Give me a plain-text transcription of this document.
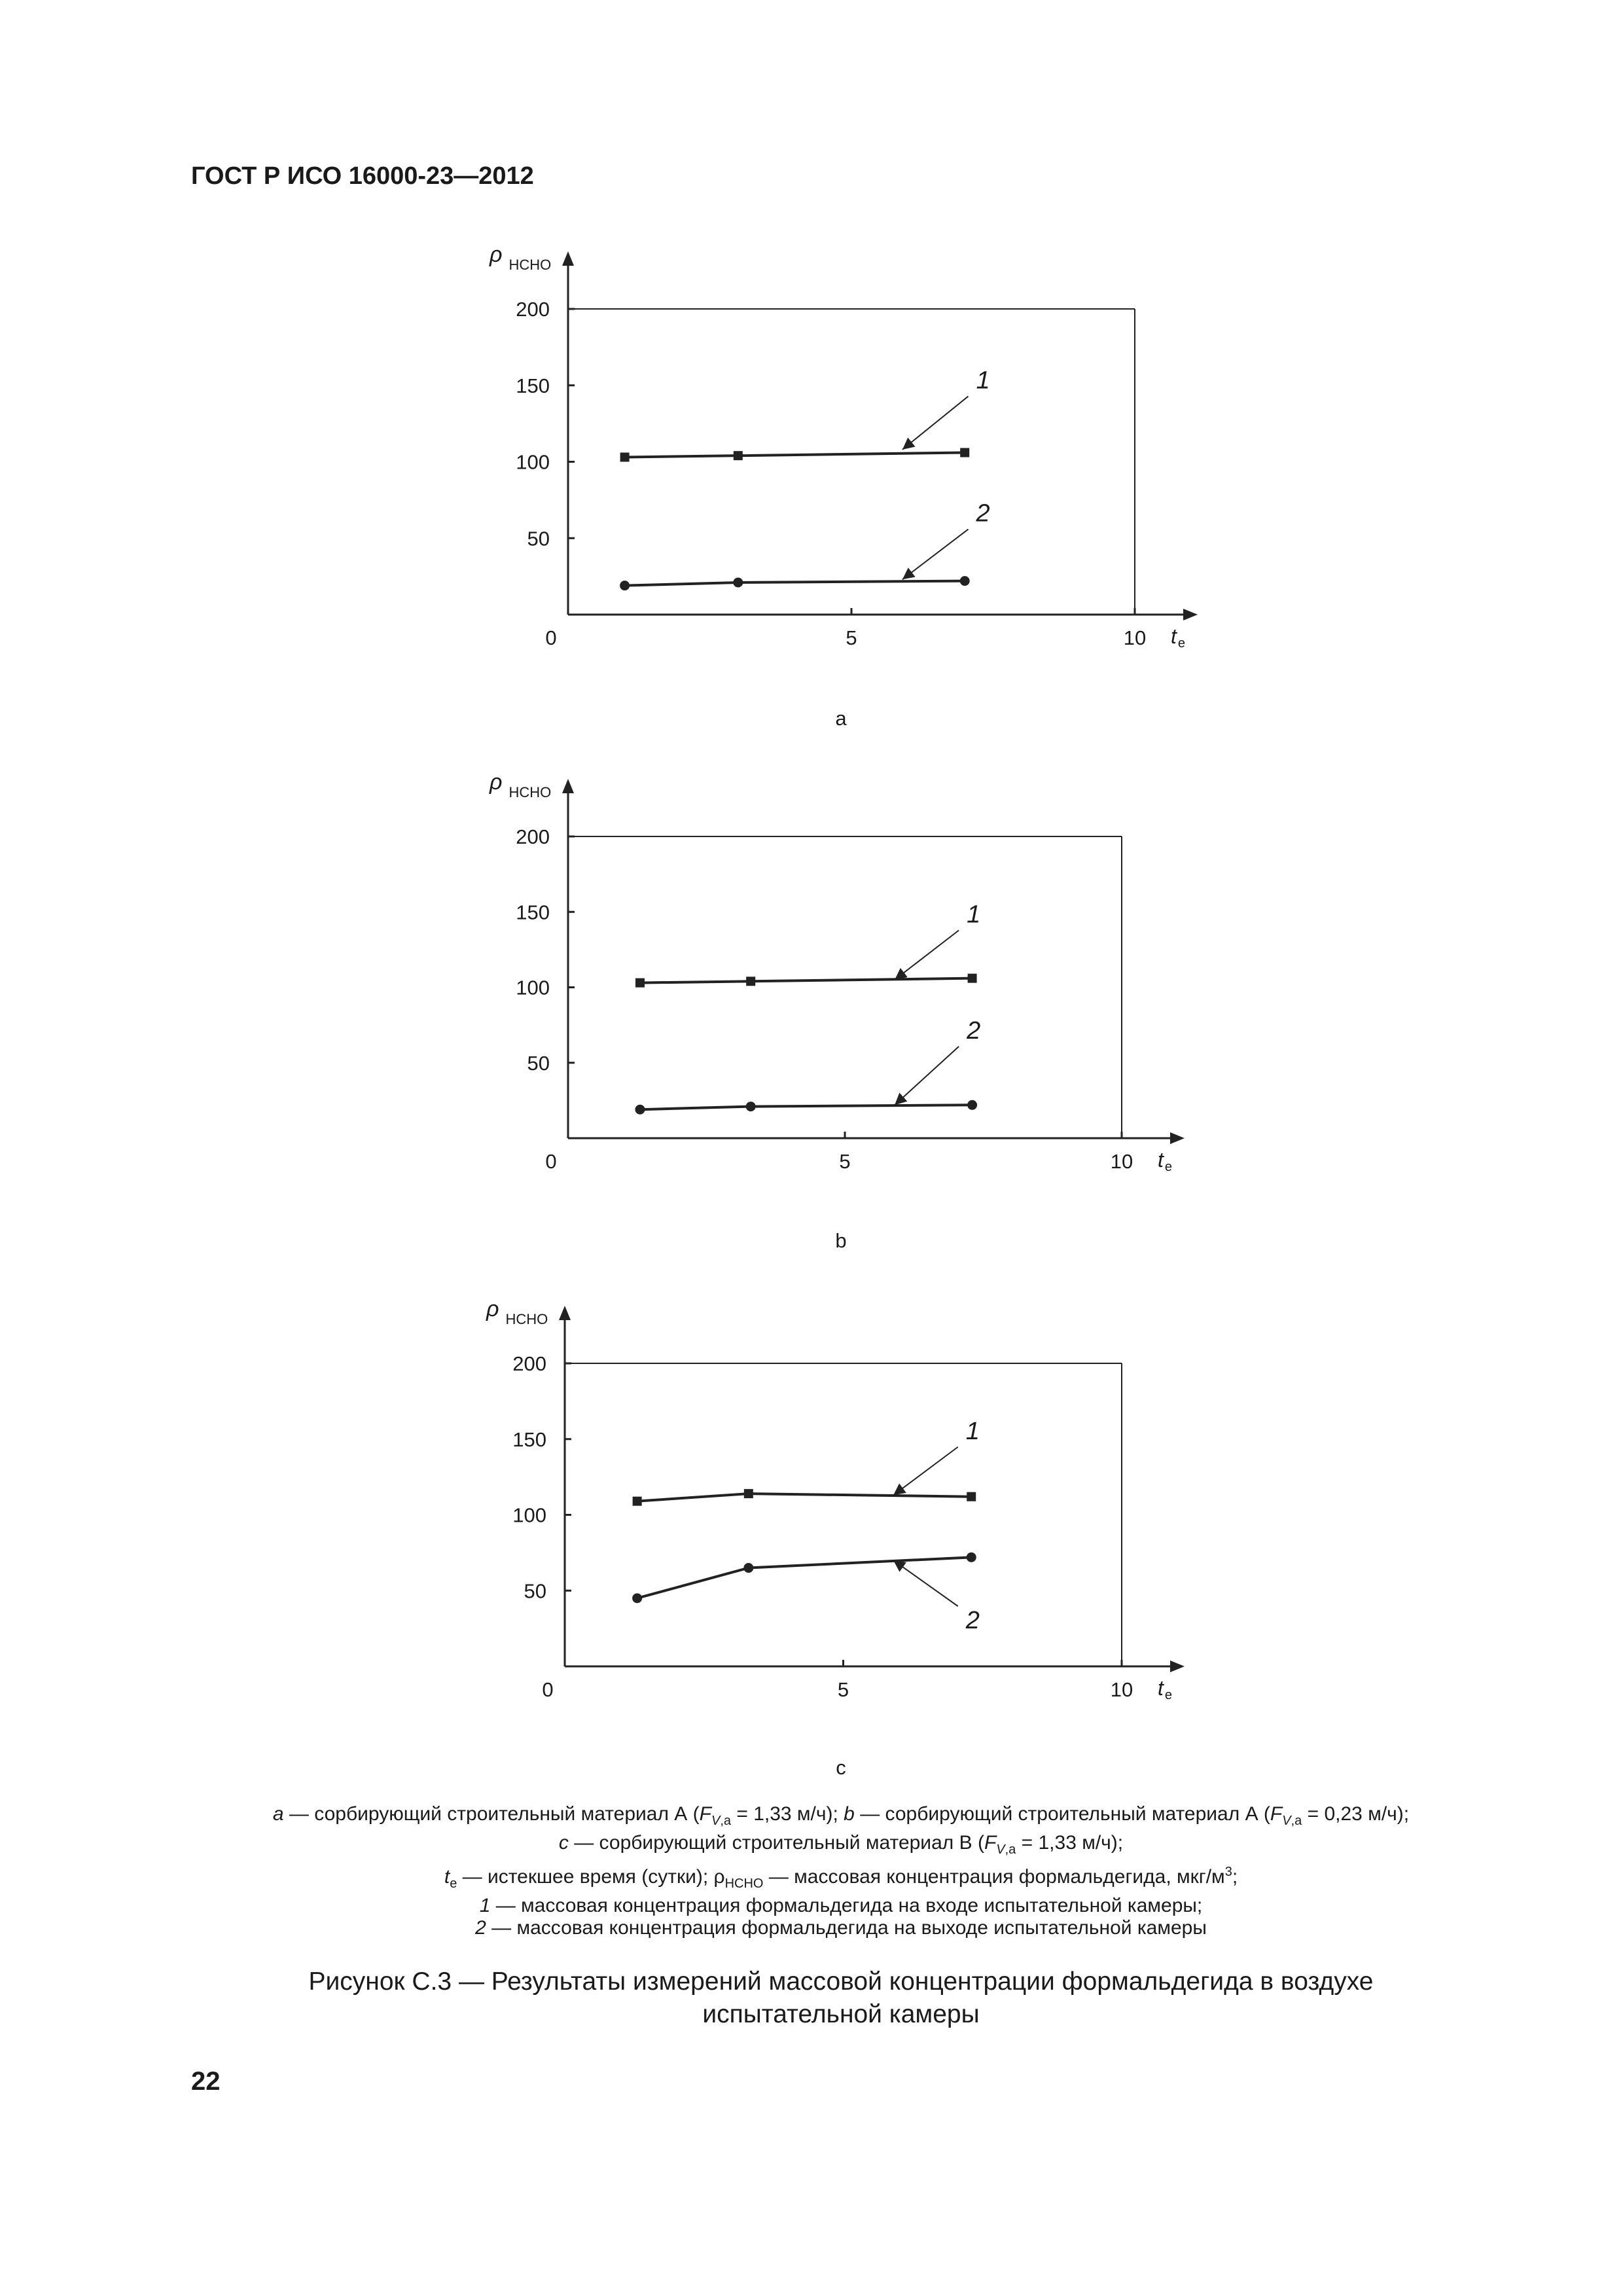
ГОСТ Р ИСО 16000-23—2012
50
100
150
200
0	5	10
ρHCHO
te
1
2
a
50
100
150
200
0	5	10
ρHCHO
te
1
2
b
50
100
150
200
0	5	10
ρHCHO
te
1
2
c
a — сорбирующий строительный материал А ($F_{V,a} = 1,33$ м/ч); b — сорбирующий строительный материал А ($F_{V,a} = 0,23$ м/ч);
c — сорбирующий строительный материал В ($F_{V,a} = 1,33$ м/ч);
$t_e$ — истекшее время (сутки); $\rho_{HCHO}$ — массовая концентрация формальдегида, мкг/$м^3$;
1 — массовая концентрация формальдегида на входе испытательной камеры;
2 — массовая концентрация формальдегида на выходе испытательной камеры
Рисунок С.3 — Результаты измерений массовой концентрации формальдегида в воздухе
испытательной камеры
22
